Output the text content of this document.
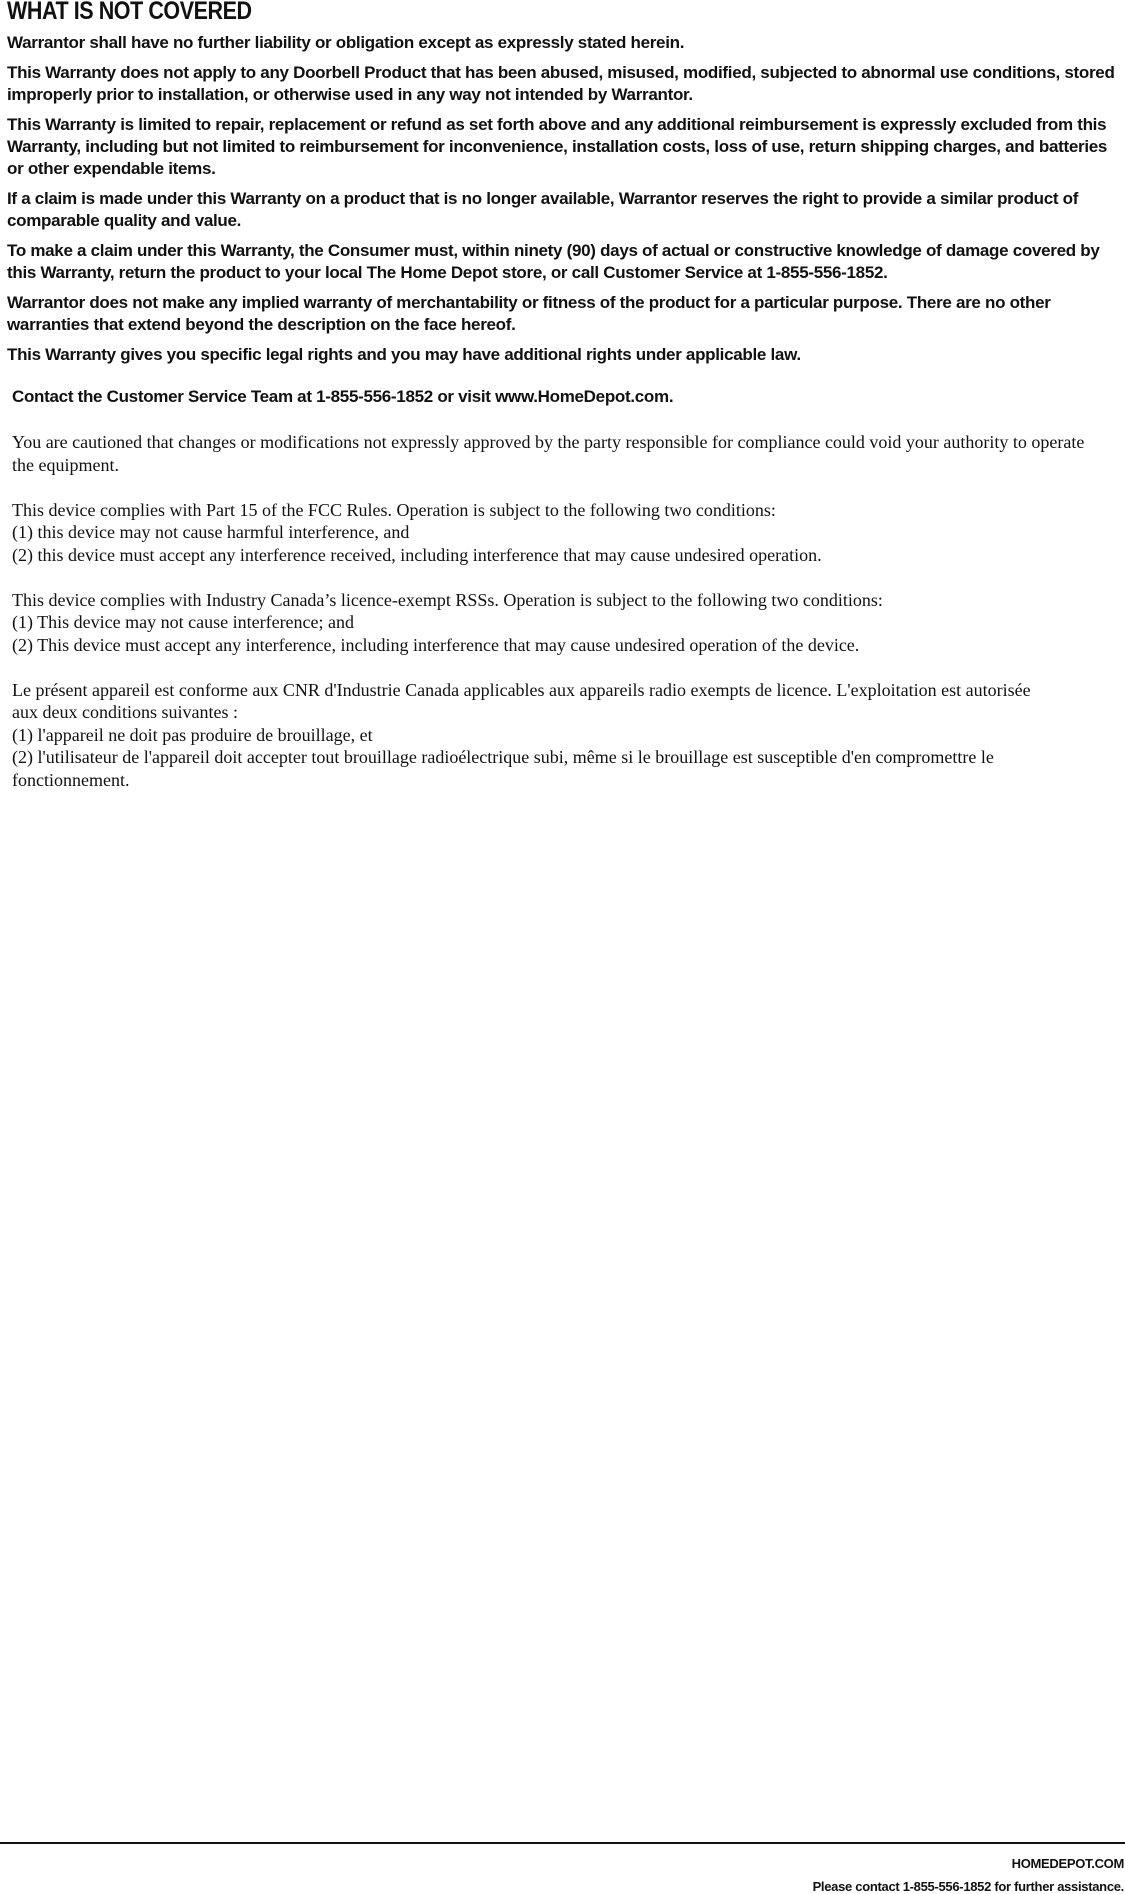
WHAT IS NOT COVERED

Warrantor shall have no further liability or obligation except as expressly stated herein.

This Warranty does not apply to any Doorbell Product that has been abused, misused, modified, subjected to abnormal use conditions, stored improperly prior to installation, or otherwise used in any way not intended by Warrantor.

This Warranty is limited to repair, replacement or refund as set forth above and any additional reimbursement is expressly excluded from this Warranty, including but not limited to reimbursement for inconvenience, installation costs, loss of use, return shipping charges, and batteries or other expendable items.

If a claim is made under this Warranty on a product that is no longer available, Warrantor reserves the right to provide a similar product of comparable quality and value.

To make a claim under this Warranty, the Consumer must, within ninety (90) days of actual or constructive knowledge of damage covered by this Warranty, return the product to your local The Home Depot store, or call Customer Service at 1-855-556-1852.

Warrantor does not make any implied warranty of merchantability or fitness of the product for a particular purpose. There are no other warranties that extend beyond the description on the face hereof.

This Warranty gives you specific legal rights and you may have additional rights under applicable law.

Contact the Customer Service Team at 1-855-556-1852 or visit www.HomeDepot.com.

You are cautioned that changes or modifications not expressly approved by the party responsible for compliance could void your authority to operate the equipment.

This device complies with Part 15 of the FCC Rules. Operation is subject to the following two conditions:
(1) this device may not cause harmful interference, and
(2) this device must accept any interference received, including interference that may cause undesired operation.

This device complies with Industry Canada’s licence-exempt RSSs. Operation is subject to the following two conditions:
(1) This device may not cause interference; and
(2) This device must accept any interference, including interference that may cause undesired operation of the device.

Le présent appareil est conforme aux CNR d'Industrie Canada applicables aux appareils radio exempts de licence. L'exploitation est autorisée
aux deux conditions suivantes :
(1) l'appareil ne doit pas produire de brouillage, et
(2) l'utilisateur de l'appareil doit accepter tout brouillage radioélectrique subi, même si le brouillage est susceptible d'en compromettre le fonctionnement.

HOMEDEPOT.COM
Please contact 1-855-556-1852 for further assistance.
